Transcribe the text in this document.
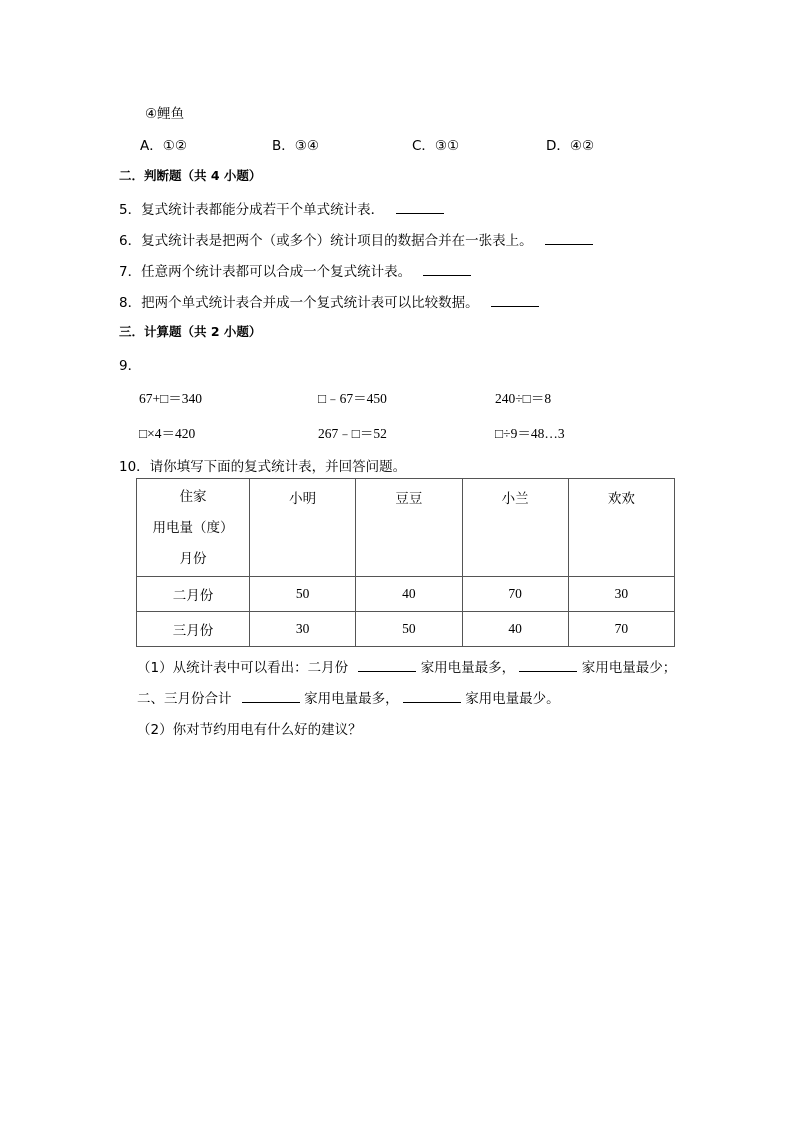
④鲤鱼
A．①②	B．③④	C．③①	D．④②
二．判断题（共 4 小题）
5．复式统计表都能分成若干个单式统计表．
6．复式统计表是把两个（或多个）统计项目的数据合并在一张表上。
7．任意两个统计表都可以合成一个复式统计表。
8．把两个单式统计表合并成一个复式统计表可以比较数据。
三．计算题（共 2 小题）
9．
67+□＝340	□﹣67＝450	240÷□＝8
□×4＝420	267﹣□＝52	□÷9＝48…3
10．请你填写下面的复式统计表，并回答问题。
住家
用电量（度）
月份	小明	豆豆	小兰	欢欢
二月份	50	40	70	30
三月份	30	50	40	70
（1）从统计表中可以看出：二月份	家用电量最多，	家用电量最少；
二、三月份合计	家用电量最多，	家用电量最少。
（2）你对节约用电有什么好的建议？
